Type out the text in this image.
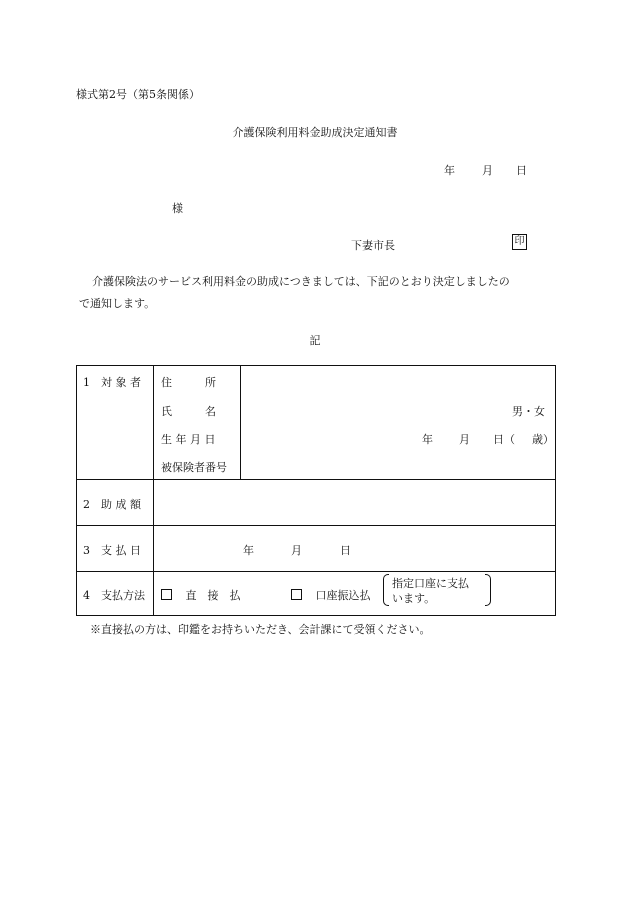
様式第2号（第5条関係）
介護保険利用料金助成決定通知書
年 月 日
様
下妻市長	印
介護保険法のサービス利用料金の助成につきましては、下記のとおり決定しましたの
で通知します。
記
1　対 象 者 住　　　所
氏　　　名	男・女
生 年 月 日	年 月 日（ 歳）
被保険者番号
2　助 成 額
3　支 払 日	年	月	日
4　支払方法	直　接　払	口座振込払
指定口座に支払
います。
※直接払の方は、印鑑をお持ちいただき、会計課にて受領ください。
